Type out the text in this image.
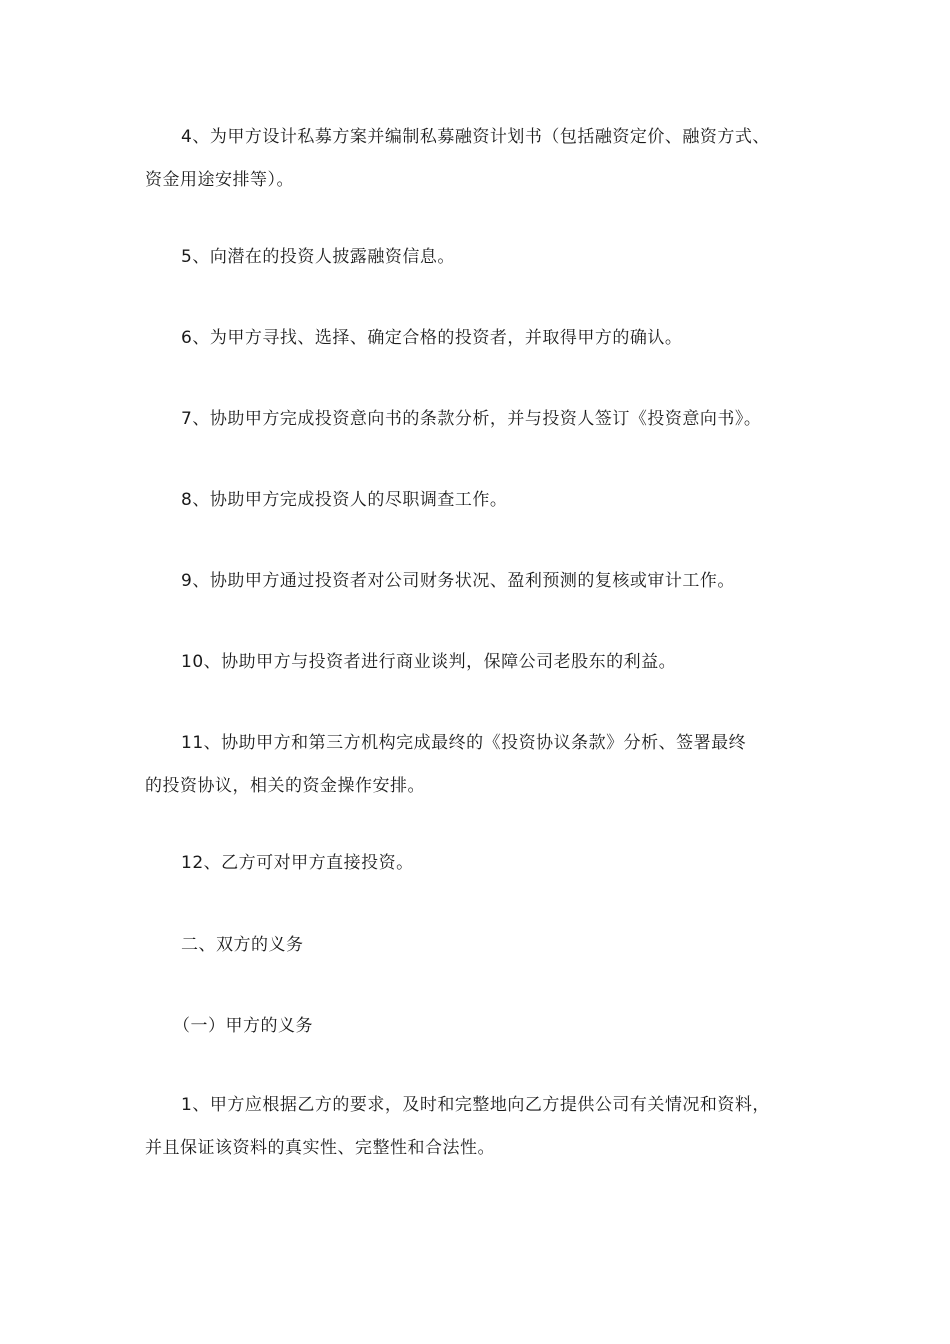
4、为甲方设计私募方案并编制私募融资计划书（包括融资定价、融资方式、
资金用途安排等）。
5、向潜在的投资人披露融资信息。
6、为甲方寻找、选择、确定合格的投资者，并取得甲方的确认。
7、协助甲方完成投资意向书的条款分析，并与投资人签订《投资意向书》。
8、协助甲方完成投资人的尽职调查工作。
9、协助甲方通过投资者对公司财务状况、盈利预测的复核或审计工作。
10、协助甲方与投资者进行商业谈判，保障公司老股东的利益。
11、协助甲方和第三方机构完成最终的《投资协议条款》分析、签署最终
的投资协议，相关的资金操作安排。
12、乙方可对甲方直接投资。
二、双方的义务
（一）甲方的义务
1、甲方应根据乙方的要求，及时和完整地向乙方提供公司有关情况和资料，
并且保证该资料的真实性、完整性和合法性。
